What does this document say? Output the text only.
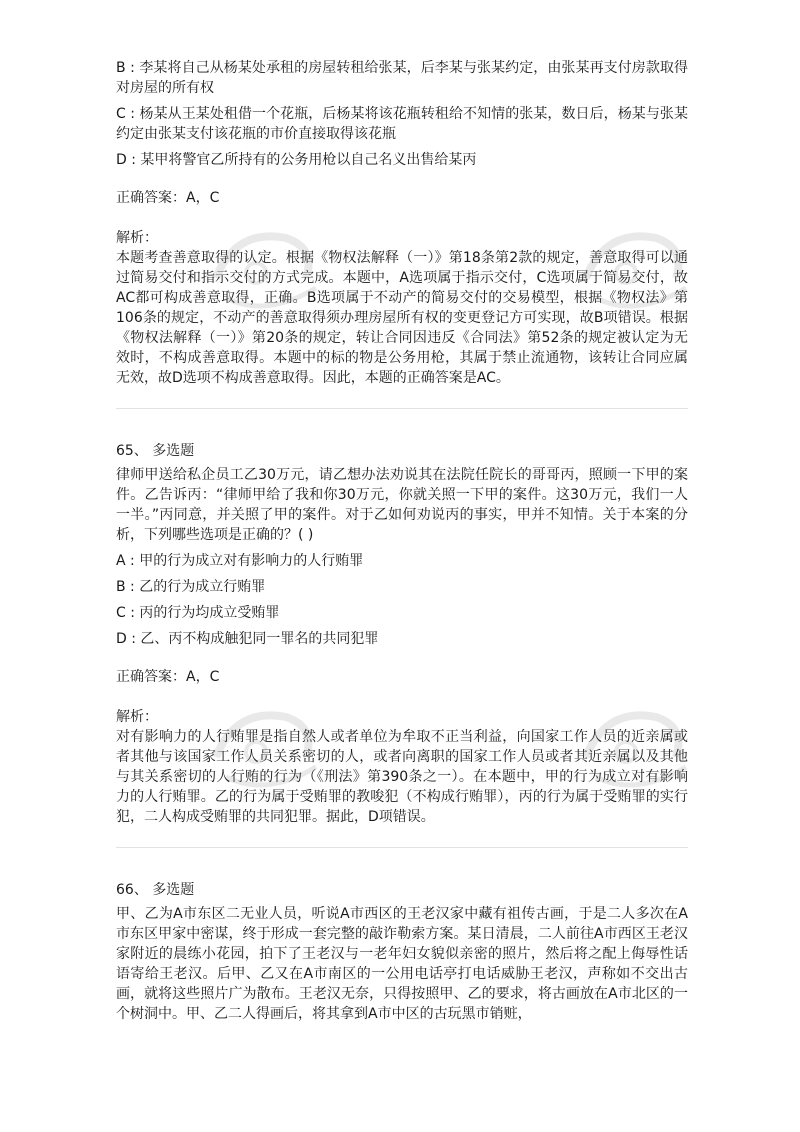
B : 李某将自己从杨某处承租的房屋转租给张某，后李某与张某约定，由张某再支付房款取得对房屋的所有权

C : 杨某从王某处租借一个花瓶，后杨某将该花瓶转租给不知情的张某，数日后，杨某与张某约定由张某支付该花瓶的市价直接取得该花瓶

D : 某甲将警官乙所持有的公务用枪以自己名义出售给某丙

正确答案：A，C

解析：

本题考查善意取得的认定。根据《物权法解释（一）》第18条第2款的规定，善意取得可以通过简易交付和指示交付的方式完成。本题中，A选项属于指示交付，C选项属于简易交付，故AC都可构成善意取得，正确。B选项属于不动产的简易交付的交易模型，根据《物权法》第106条的规定，不动产的善意取得须办理房屋所有权的变更登记方可实现，故B项错误。根据《物权法解释（一）》第20条的规定，转让合同因违反《合同法》第52条的规定被认定为无效时，不构成善意取得。本题中的标的物是公务用枪，其属于禁止流通物，该转让合同应属无效，故D选项不构成善意取得。因此，本题的正确答案是AC。

65、 多选题

律师甲送给私企员工乙30万元，请乙想办法劝说其在法院任院长的哥哥丙，照顾一下甲的案件。乙告诉丙：“律师甲给了我和你30万元，你就关照一下甲的案件。这30万元，我们一人一半。”丙同意，并关照了甲的案件。对于乙如何劝说丙的事实，甲并不知情。关于本案的分析，下列哪些选项是正确的？( )

A : 甲的行为成立对有影响力的人行贿罪

B : 乙的行为成立行贿罪

C : 丙的行为均成立受贿罪

D : 乙、丙不构成触犯同一罪名的共同犯罪

正确答案：A，C

解析：

对有影响力的人行贿罪是指自然人或者单位为牟取不正当利益，向国家工作人员的近亲属或者其他与该国家工作人员关系密切的人，或者向离职的国家工作人员或者其近亲属以及其他与其关系密切的人行贿的行为（《刑法》第390条之一）。在本题中，甲的行为成立对有影响力的人行贿罪。乙的行为属于受贿罪的教唆犯（不构成行贿罪），丙的行为属于受贿罪的实行犯，二人构成受贿罪的共同犯罪。据此，D项错误。

66、 多选题

甲、乙为A市东区二无业人员，听说A市西区的王老汉家中藏有祖传古画，于是二人多次在A市东区甲家中密谋，终于形成一套完整的敲诈勒索方案。某日清晨，二人前往A市西区王老汉家附近的晨练小花园，拍下了王老汉与一老年妇女貌似亲密的照片，然后将之配上侮辱性话语寄给王老汉。后甲、乙又在A市南区的一公用电话亭打电话威胁王老汉，声称如不交出古画，就将这些照片广为散布。王老汉无奈，只得按照甲、乙的要求，将古画放在A市北区的一个树洞中。甲、乙二人得画后，将其拿到A市中区的古玩黑市销赃，
